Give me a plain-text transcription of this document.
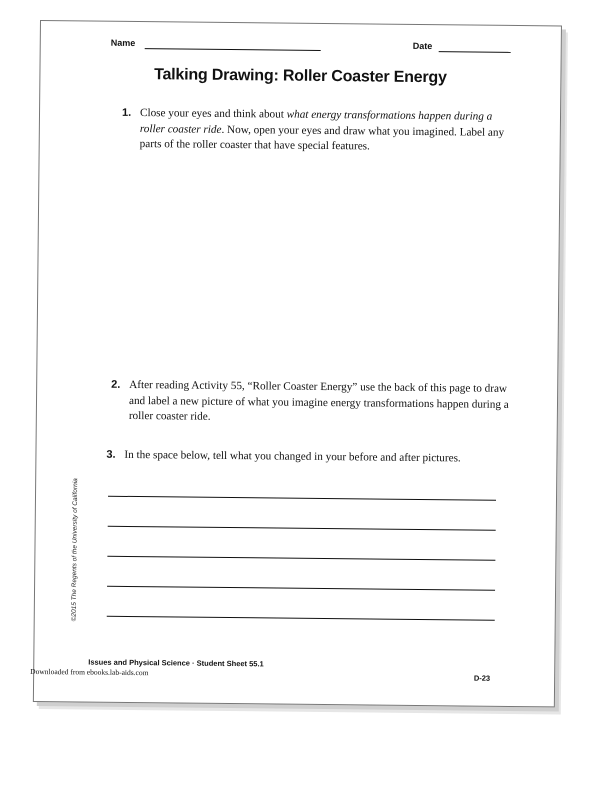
Name	Date
Talking Drawing: Roller Coaster Energy
1. Close your eyes and think about what energy transformations happen during a roller coaster ride. Now, open your eyes and draw what you imagined. Label any parts of the roller coaster that have special features.
2. After reading Activity 55, “Roller Coaster Energy” use the back of this page to draw and label a new picture of what you imagine energy transformations happen during a roller coaster ride.
3. In the space below, tell what you changed in your before and after pictures.
©2015 The Regents of the University of California
Issues and Physical Science · Student Sheet 55.1
Downloaded from ebooks.lab-aids.com
D-23
